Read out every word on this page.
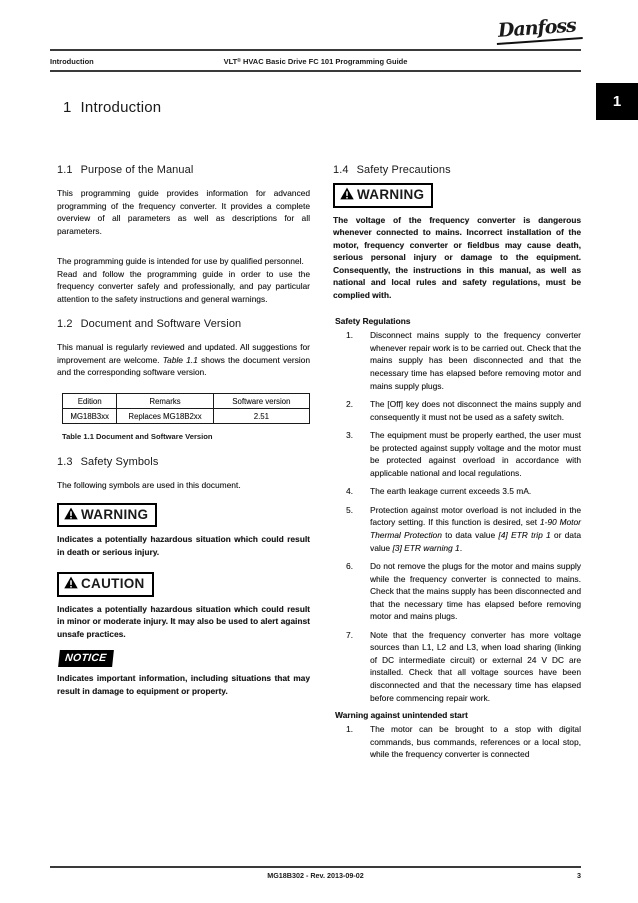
Danfoss
Introduction	VLT® HVAC Basic Drive FC 101 Programming Guide
1
1 Introduction
1.1 Purpose of the Manual

This programming guide provides information for advanced programming of the frequency converter. It provides a complete overview of all parameters as well as descriptions for all parameters.

The programming guide is intended for use by qualified personnel.

Read and follow the programming guide in order to use the frequency converter safely and professionally, and pay particular attention to the safety instructions and general warnings.

1.2 Document and Software Version

This manual is regularly reviewed and updated. All suggestions for improvement are welcome. Table 1.1 shows the document version and the corresponding software version.

Edition	Remarks	Software version
MG18B3xx	Replaces MG18B2xx	2.51
Table 1.1 Document and Software Version
1.3 Safety Symbols

The following symbols are used in this document.

WARNING

Indicates a potentially hazardous situation which could result in death or serious injury.

CAUTION

Indicates a potentially hazardous situation which could result in minor or moderate injury. It may also be used to alert against unsafe practices.

NOTICE

Indicates important information, including situations that may result in damage to equipment or property.

1.4 Safety Precautions
WARNING

The voltage of the frequency converter is dangerous whenever connected to mains. Incorrect installation of the motor, frequency converter or fieldbus may cause death, serious personal injury or damage to the equipment. Consequently, the instructions in this manual, as well as national and local rules and safety regulations, must be complied with.

Safety Regulations
1.	Disconnect mains supply to the frequency converter whenever repair work is to be carried out. Check that the mains supply has been disconnected and that the necessary time has elapsed before removing motor and mains supply plugs.
2.	The [Off] key does not disconnect the mains supply and consequently it must not be used as a safety switch.
3.	The equipment must be properly earthed, the user must be protected against supply voltage and the motor must be protected against overload in accordance with applicable national and local regulations.
4.	The earth leakage current exceeds 3.5 mA.
5.	Protection against motor overload is not included in the factory setting. If this function is desired, set 1-90 Motor Thermal Protection to data value [4] ETR trip 1 or data value [3] ETR warning 1.
6.	Do not remove the plugs for the motor and mains supply while the frequency converter is connected to mains. Check that the mains supply has been disconnected and that the necessary time has elapsed before removing motor and mains plugs.
7.	Note that the frequency converter has more voltage sources than L1, L2 and L3, when load sharing (linking of DC intermediate circuit) or external 24 V DC are installed. Check that all voltage sources have been disconnected and that the necessary time has elapsed before commencing repair work.
Warning against unintended start
1.	The motor can be brought to a stop with digital commands, bus commands, references or a local stop, while the frequency converter is connected
MG18B302 - Rev. 2013-09-02	3
